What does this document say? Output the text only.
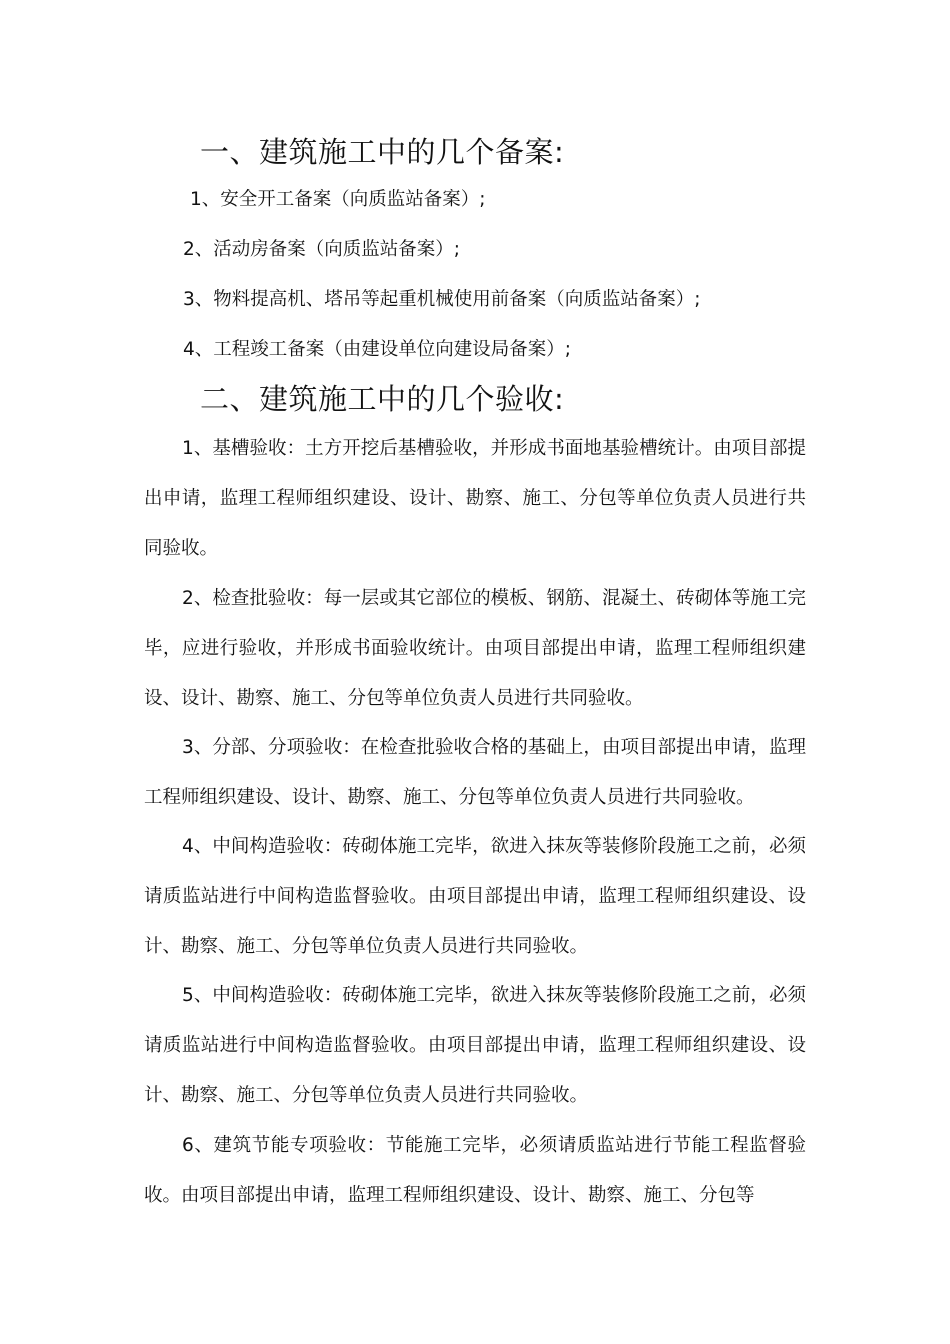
一、建筑施工中的几个备案:
1、安全开工备案（向质监站备案）;
2、活动房备案（向质监站备案）;
3、物料提高机、塔吊等起重机械使用前备案（向质监站备案）;
4、工程竣工备案（由建设单位向建设局备案）;
二、建筑施工中的几个验收:
1、基槽验收：土方开挖后基槽验收，并形成书面地基验槽统计。由项目部提出申请，监理工程师组织建设、设计、勘察、施工、分包等单位负责人员进行共同验收。
2、检查批验收：每一层或其它部位的模板、钢筋、混凝土、砖砌体等施工完毕，应进行验收，并形成书面验收统计。由项目部提出申请，监理工程师组织建设、设计、勘察、施工、分包等单位负责人员进行共同验收。
3、分部、分项验收：在检查批验收合格的基础上，由项目部提出申请，监理工程师组织建设、设计、勘察、施工、分包等单位负责人员进行共同验收。
4、中间构造验收：砖砌体施工完毕，欲进入抹灰等装修阶段施工之前，必须请质监站进行中间构造监督验收。由项目部提出申请，监理工程师组织建设、设计、勘察、施工、分包等单位负责人员进行共同验收。
5、中间构造验收：砖砌体施工完毕，欲进入抹灰等装修阶段施工之前，必须请质监站进行中间构造监督验收。由项目部提出申请，监理工程师组织建设、设计、勘察、施工、分包等单位负责人员进行共同验收。
6、建筑节能专项验收：节能施工完毕，必须请质监站进行节能工程监督验收。由项目部提出申请，监理工程师组织建设、设计、勘察、施工、分包等
